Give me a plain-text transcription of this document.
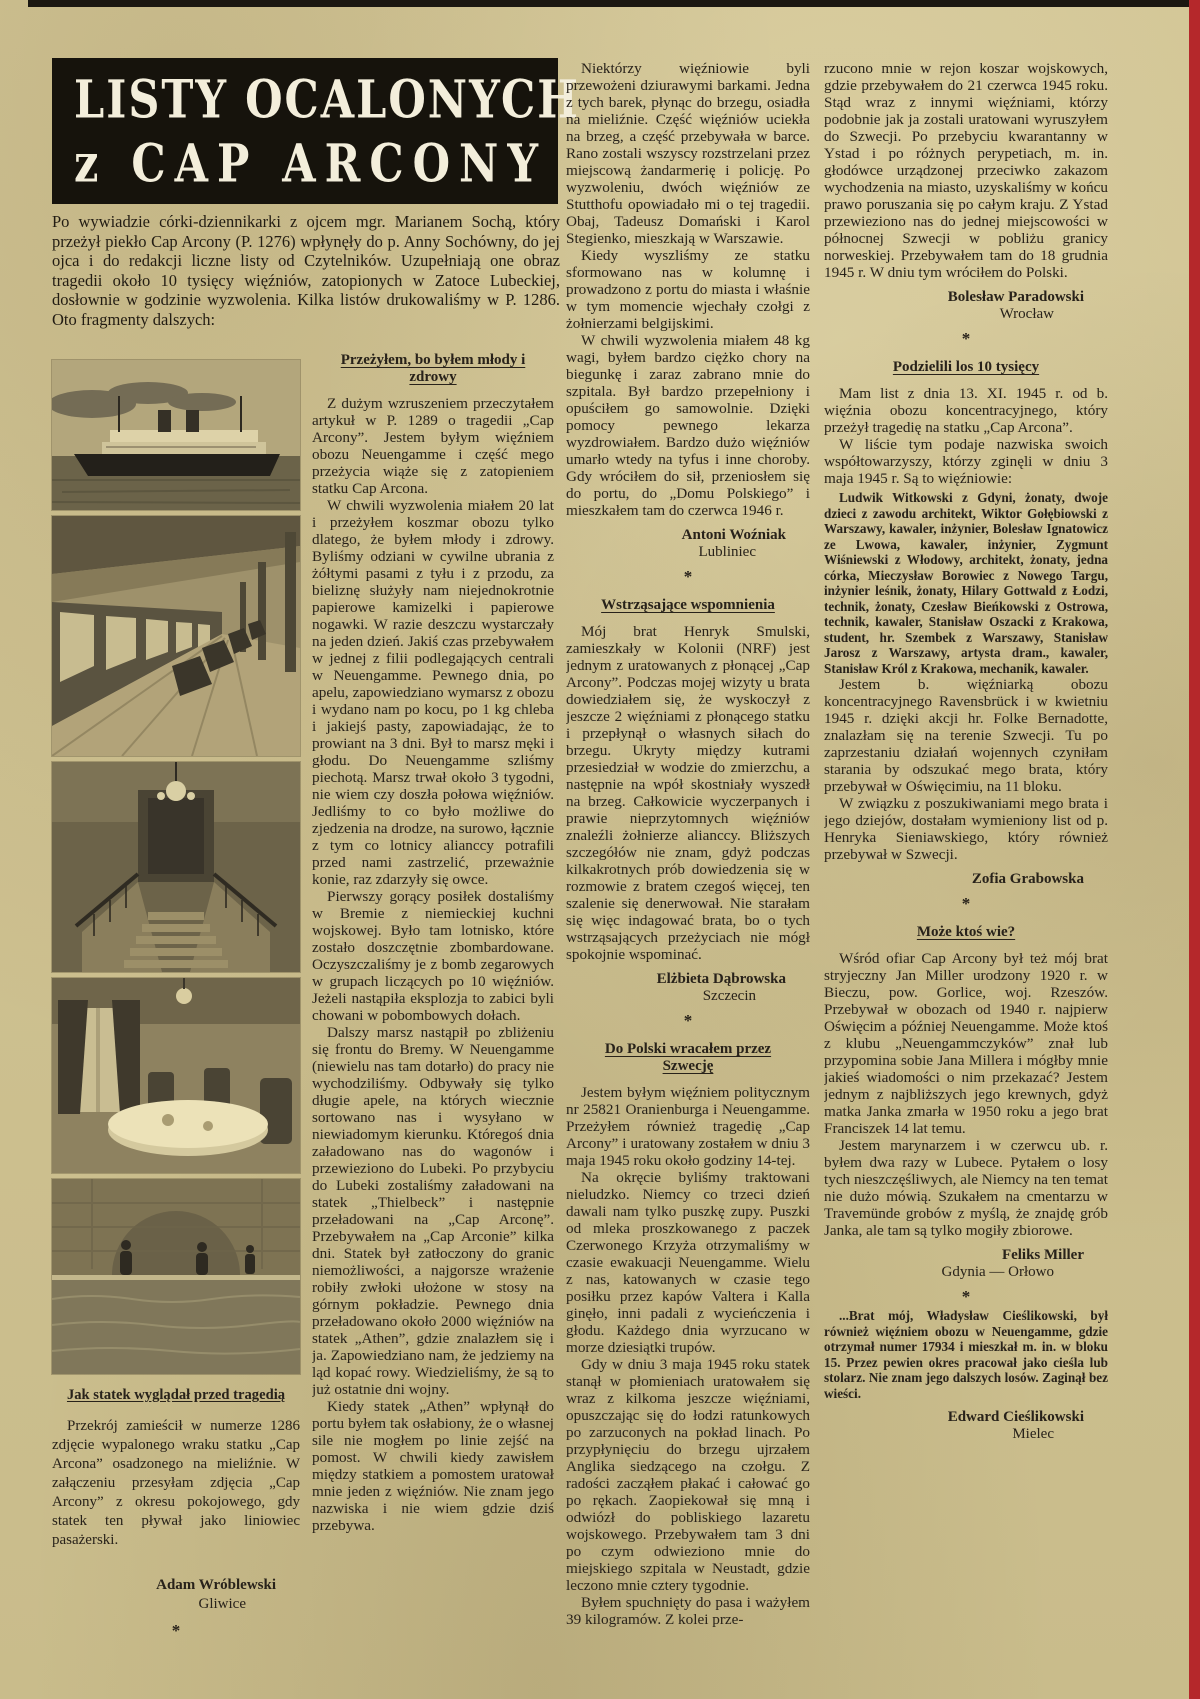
LISTY OCALONYCH
z CAP ARCONY

Po wywiadzie córki-dziennikarki z ojcem mgr. Marianem Sochą, który przeżył piekło Cap Arcony (P. 1276) wpłynęły do p. Anny Sochówny, do jej ojca i do redakcji liczne listy od Czytelników. Uzupełniają one obraz tragedii około 10 tysięcy więźniów, zatopionych w Zatoce Lubeckiej, dosłownie w godzinie wyzwolenia. Kilka listów drukowaliśmy w P. 1286. Oto fragmenty dalszych:

Jak statek wyglądał przed tragedią

Przekrój zamieścił w numerze 1286 zdjęcie wypalonego wraku statku „Cap Arcona” osadzonego na mieliźnie. W załączeniu przesyłam zdjęcia „Cap Arcony” z okresu pokojowego, gdy statek ten pływał jako liniowiec pasażerski.

Adam Wróblewski
Gliwice
*
Przeżyłem, bo byłem młody i zdrowy

Z dużym wzruszeniem przeczytałem artykuł w P. 1289 o tragedii „Cap Arcony”. Jestem byłym więźniem obozu Neuengamme i część mego przeżycia wiąże się z zatopieniem statku Cap Arcona.

W chwili wyzwolenia miałem 20 lat i przeżyłem koszmar obozu tylko dlatego, że byłem młody i zdrowy. Byliśmy odziani w cywilne ubrania z żółtymi pasami z tyłu i z przodu, za bieliznę służyły nam niejednokrotnie papierowe kamizelki i papierowe nogawki. W razie deszczu wystarczały na jeden dzień. Jakiś czas przebywałem w jednej z filii podlegających centrali w Neuengamme. Pewnego dnia, po apelu, zapowiedziano wymarsz z obozu i wydano nam po kocu, po 1 kg chleba i jakiejś pasty, zapowiadając, że to prowiant na 3 dni. Był to marsz męki i głodu. Do Neuengamme szliśmy piechotą. Marsz trwał około 3 tygodni, nie wiem czy doszła połowa więźniów. Jedliśmy to co było możliwe do zjedzenia na drodze, na surowo, łącznie z tym co lotnicy alianccy potrafili przed nami zastrzelić, przeważnie konie, raz zdarzyły się owce.

Pierwszy gorący posiłek dostaliśmy w Bremie z niemieckiej kuchni wojskowej. Było tam lotnisko, które zostało doszczętnie zbombardowane. Oczyszczaliśmy je z bomb zegarowych w grupach liczących po 10 więźniów. Jeżeli nastąpiła eksplozja to zabici byli chowani w pobombowych dołach.

Dalszy marsz nastąpił po zbliżeniu się frontu do Bremy. W Neuengamme (niewielu nas tam dotarło) do pracy nie wychodziliśmy. Odbywały się tylko długie apele, na których wiecznie sortowano nas i wysyłano w niewiadomym kierunku. Któregoś dnia załadowano nas do wagonów i przewieziono do Lubeki. Po przybyciu do Lubeki zostaliśmy załadowani na statek „Thielbeck” i następnie przeładowani na „Cap Arconę”. Przebywałem na „Cap Arconie” kilka dni. Statek był zatłoczony do granic niemożliwości, a najgorsze wrażenie robiły zwłoki ułożone w stosy na górnym pokładzie. Pewnego dnia przeładowano około 2000 więźniów na statek „Athen”, gdzie znalazłem się i ja. Zapowiedziano nam, że jedziemy na ląd kopać rowy. Wiedzieliśmy, że są to już ostatnie dni wojny.

Kiedy statek „Athen” wpłynął do portu byłem tak osłabiony, że o własnej sile nie mogłem po linie zejść na pomost. W chwili kiedy zawisłem między statkiem a pomostem uratował mnie jeden z więźniów. Nie znam jego nazwiska i nie wiem gdzie dziś przebywa.

Niektórzy więźniowie byli przewożeni dziurawymi barkami. Jedna z tych barek, płynąc do brzegu, osiadła na mieliźnie. Część więźniów uciekła na brzeg, a część przebywała w barce. Rano zostali wszyscy rozstrzelani przez miejscową żandarmerię i policję. Po wyzwoleniu, dwóch więźniów ze Stutthofu opowiadało mi o tej tragedii. Obaj, Tadeusz Domański i Karol Stegienko, mieszkają w Warszawie.

Kiedy wyszliśmy ze statku sformowano nas w kolumnę i prowadzono z portu do miasta i właśnie w tym momencie wjechały czołgi z żołnierzami belgijskimi.

W chwili wyzwolenia miałem 48 kg wagi, byłem bardzo ciężko chory na biegunkę i zaraz zabrano mnie do szpitala. Był bardzo przepełniony i opuściłem go samowolnie. Dzięki pomocy pewnego lekarza wyzdrowiałem. Bardzo dużo więźniów umarło wtedy na tyfus i inne choroby. Gdy wróciłem do sił, przeniosłem się do portu, do „Domu Polskiego” i mieszkałem tam do czerwca 1946 r.

Antoni Woźniak
Lubliniec
*
Wstrząsające wspomnienia

Mój brat Henryk Smulski, zamieszkały w Kolonii (NRF) jest jednym z uratowanych z płonącej „Cap Arcony”. Podczas mojej wizyty u brata dowiedziałem się, że wyskoczył z jeszcze 2 więźniami z płonącego statku i przepłynął o własnych siłach do brzegu. Ukryty między kutrami przesiedział w wodzie do zmierzchu, a następnie na wpół skostniały wyszedł na brzeg. Całkowicie wyczerpanych i prawie nieprzytomnych więźniów znaleźli żołnierze alianccy. Bliższych szczegółów nie znam, gdyż podczas kilkakrotnych prób dowiedzenia się w rozmowie z bratem czegoś więcej, ten szalenie się denerwował. Nie starałam się więc indagować brata, bo o tych wstrząsających przeżyciach nie mógł spokojnie wspominać.

Elżbieta Dąbrowska
Szczecin
*
Do Polski wracałem przez Szwecję

Jestem byłym więźniem politycznym nr 25821 Oranienburga i Neuengamme. Przeżyłem również tragedię „Cap Arcony” i uratowany zostałem w dniu 3 maja 1945 roku około godziny 14-tej.

Na okręcie byliśmy traktowani nieludzko. Niemcy co trzeci dzień dawali nam tylko puszkę zupy. Puszki od mleka proszkowanego z paczek Czerwonego Krzyża otrzymaliśmy w czasie ewakuacji Neuengamme. Wielu z nas, katowanych w czasie tego posiłku przez kapów Valtera i Kalla ginęło, inni padali z wycieńczenia i głodu. Każdego dnia wyrzucano w morze dziesiątki trupów.

Gdy w dniu 3 maja 1945 roku statek stanął w płomieniach uratowałem się wraz z kilkoma jeszcze więźniami, opuszczając się do łodzi ratunkowych po zarzuconych na pokład linach. Po przypłynięciu do brzegu ujrzałem Anglika siedzącego na czołgu. Z radości zacząłem płakać i całować go po rękach. Zaopiekował się mną i odwiózł do pobliskiego lazaretu wojskowego. Przebywałem tam 3 dni po czym odwieziono mnie do miejskiego szpitala w Neustadt, gdzie leczono mnie cztery tygodnie.

Byłem spuchnięty do pasa i ważyłem 39 kilogramów. Z kolei prze-

rzucono mnie w rejon koszar wojskowych, gdzie przebywałem do 21 czerwca 1945 roku. Stąd wraz z innymi więźniami, którzy podobnie jak ja zostali uratowani wyruszyłem do Szwecji. Po przebyciu kwarantanny w Ystad i po różnych perypetiach, m. in. głodówce urządzonej przeciwko zakazom wychodzenia na miasto, uzyskaliśmy w końcu prawo poruszania się po całym kraju. Z Ystad przewieziono nas do jednej miejscowości w północnej Szwecji w pobliżu granicy norweskiej. Przebywałem tam do 18 grudnia 1945 r. W dniu tym wróciłem do Polski.

Bolesław Paradowski
Wrocław
*
Podzielili los 10 tysięcy

Mam list z dnia 13. XI. 1945 r. od b. więźnia obozu koncentracyjnego, który przeżył tragedię na statku „Cap Arcona”.

W liście tym podaje nazwiska swoich współtowarzyszy, którzy zginęli w dniu 3 maja 1945 r. Są to więźniowie:

Ludwik Witkowski z Gdyni, żonaty, dwoje dzieci z zawodu architekt, Wiktor Gołębiowski z Warszawy, kawaler, inżynier, Bolesław Ignatowicz ze Lwowa, kawaler, inżynier, Zygmunt Wiśniewski z Włodowy, architekt, żonaty, jedna córka, Mieczysław Borowiec z Nowego Targu, inżynier leśnik, żonaty, Hilary Gottwald z Łodzi, technik, żonaty, Czesław Bieńkowski z Ostrowa, technik, kawaler, Stanisław Oszacki z Krakowa, student, hr. Szembek z Warszawy, Stanisław Jarosz z Warszawy, artysta dram., kawaler, Stanisław Król z Krakowa, mechanik, kawaler.

Jestem b. więźniarką obozu koncentracyjnego Ravensbrück i w kwietniu 1945 r. dzięki akcji hr. Folke Bernadotte, znalazłam się na terenie Szwecji. Tu po zaprzestaniu działań wojennych czyniłam starania by odszukać mego brata, który przebywał w Oświęcimiu, na 11 bloku.

W związku z poszukiwaniami mego brata i jego dziejów, dostałam wymieniony list od p. Henryka Sieniawskiego, który również przebywał w Szwecji.

Zofia Grabowska
*
Może ktoś wie?

Wśród ofiar Cap Arcony był też mój brat stryjeczny Jan Miller urodzony 1920 r. w Bieczu, pow. Gorlice, woj. Rzeszów. Przebywał w obozach od 1940 r. najpierw Oświęcim a później Neuengamme. Może ktoś z klubu „Neuengammczyków” znał lub przypomina sobie Jana Millera i mógłby mnie jakieś wiadomości o nim przekazać? Jestem jednym z najbliższych jego krewnych, gdyż matka Janka zmarła w 1950 roku a jego brat Franciszek 14 lat temu.

Jestem marynarzem i w czerwcu ub. r. byłem dwa razy w Lubece. Pytałem o losy tych nieszczęśliwych, ale Niemcy na ten temat nie dużo mówią. Szukałem na cmentarzu w Travemünde grobów z myślą, że znajdę grób Janka, ale tam są tylko mogiły zbiorowe.

Feliks Miller
Gdynia — Orłowo
*

...Brat mój, Władysław Cieślikowski, był również więźniem obozu w Neuengamme, gdzie otrzymał numer 17934 i mieszkał m. in. w bloku 15. Przez pewien okres pracował jako cieśla lub stolarz. Nie znam jego dalszych losów. Zaginął bez wieści.

Edward Cieślikowski
Mielec
